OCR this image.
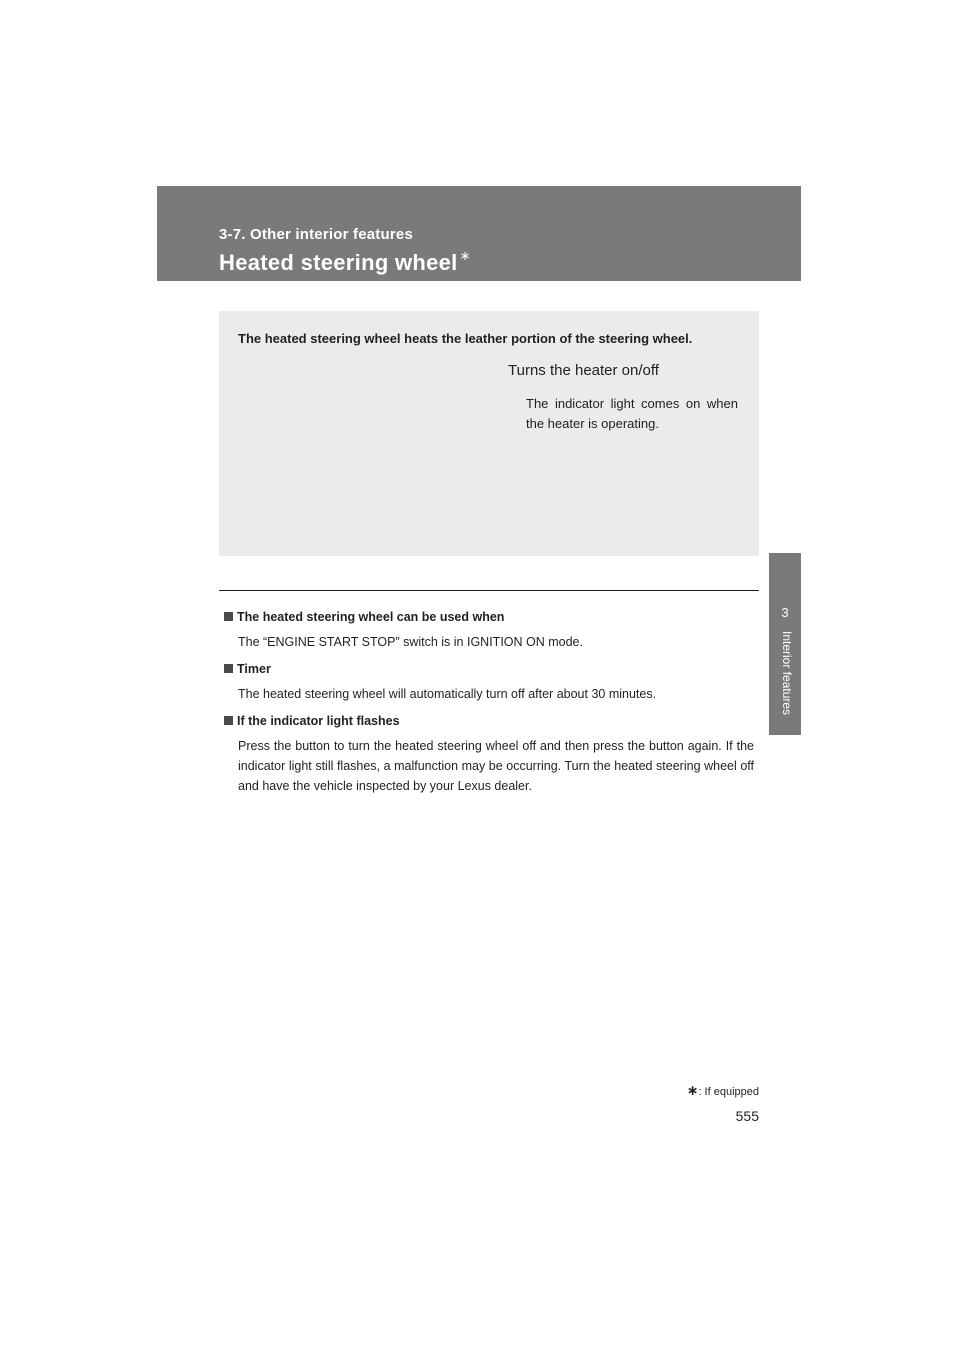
3-7. Other interior features
Heated steering wheel ∗
3
Interior features
The heated steering wheel heats the leather portion of the steering wheel.
Turns the heater on/off
The indicator light comes on when the heater is operating.
The heated steering wheel can be used when
The “ENGINE START STOP” switch is in IGNITION ON mode.
Timer
The heated steering wheel will automatically turn off after about 30 minutes.
If the indicator light flashes
Press the button to turn the heated steering wheel off and then press the button again. If the indicator light still flashes, a malfunction may be occurring. Turn the heated steering wheel off and have the vehicle inspected by your Lexus dealer.
∗: If equipped
555
